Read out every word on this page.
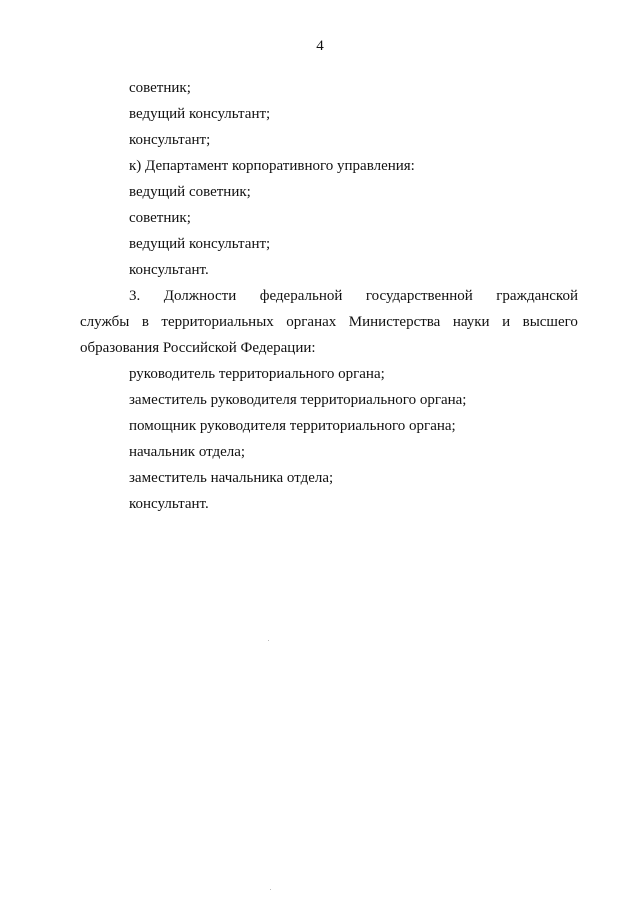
4
советник;
ведущий консультант;
консультант;
к) Департамент корпоративного управления:
ведущий советник;
советник;
ведущий консультант;
консультант.
3. Должности федеральной государственной гражданской
службы в территориальных органах Министерства науки и высшего
образования Российской Федерации:
руководитель территориального органа;
заместитель руководителя территориального органа;
помощник руководителя территориального органа;
начальник отдела;
заместитель начальника отдела;
консультант.
